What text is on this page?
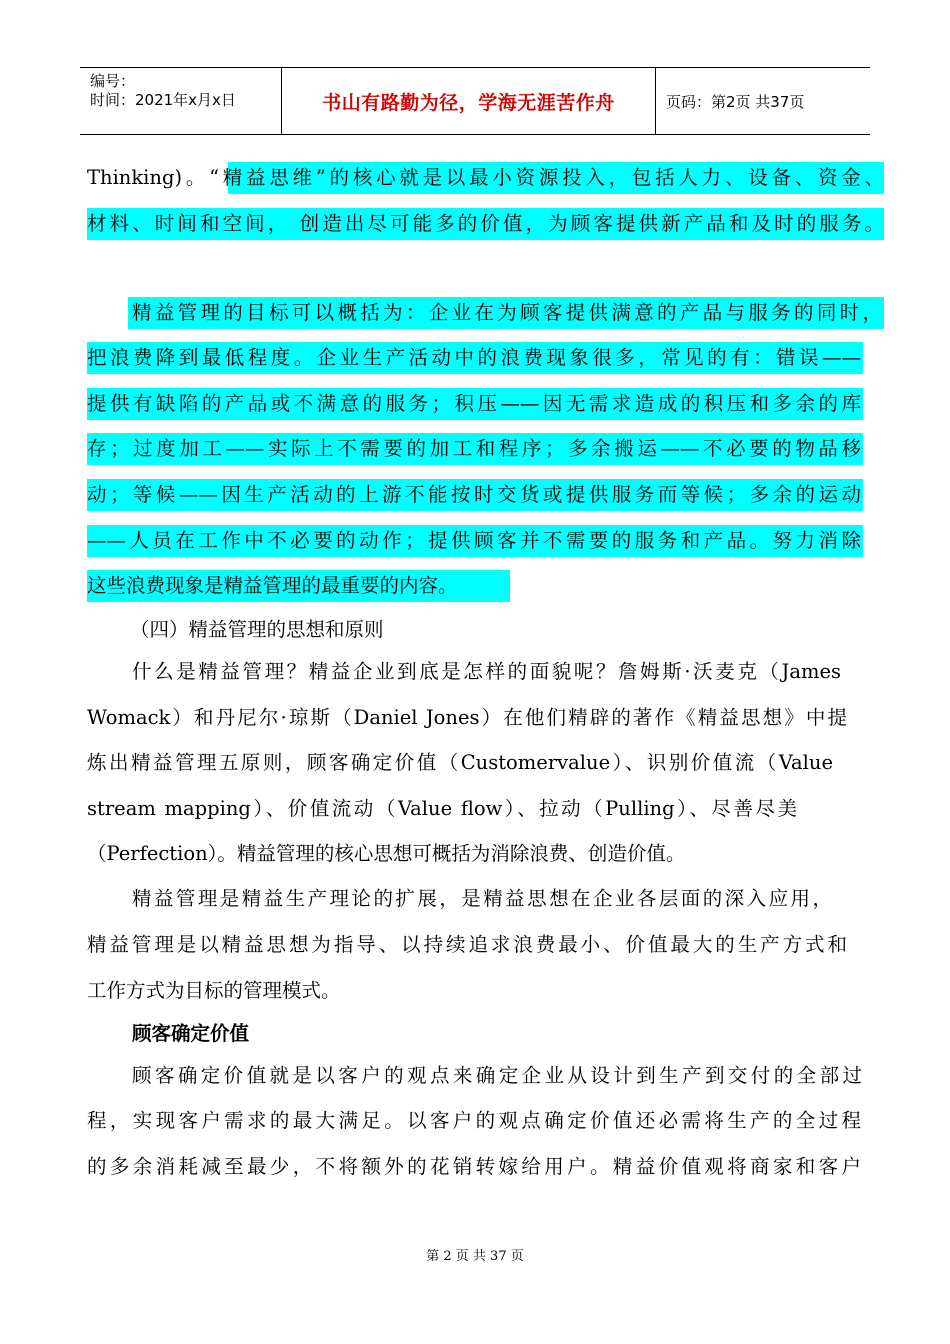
编号：
时间：2021年x月x日	书山有路勤为径，学海无涯苦作舟	页码：第2页 共37页
Thinking)。“精益思维”的核心就是以最小资源投入，包括人力、设备、资金、
材料、时间和空间， 创造出尽可能多的价值，为顾客提供新产品和及时的服务。
精益管理的目标可以概括为：企业在为顾客提供满意的产品与服务的同时，
把浪费降到最低程度。企业生产活动中的浪费现象很多，常见的有：错误——
提供有缺陷的产品或不满意的服务；积压——因无需求造成的积压和多余的库
存；过度加工——实际上不需要的加工和程序；多余搬运——不必要的物品移
动；等候——因生产活动的上游不能按时交货或提供服务而等候；多余的运动
——人员在工作中不必要的动作；提供顾客并不需要的服务和产品。努力消除
这些浪费现象是精益管理的最重要的内容。
（四）精益管理的思想和原则
什么是精益管理？精益企业到底是怎样的面貌呢？詹姆斯·沃麦克（James
Womack）和丹尼尔·琼斯（Daniel Jones）在他们精辟的著作《精益思想》中提
炼出精益管理五原则，顾客确定价值（Customervalue）、识别价值流（Value
stream mapping）、价值流动（Value flow）、拉动（Pulling）、尽善尽美
（Perfection）。精益管理的核心思想可概括为消除浪费、创造价值。
精益管理是精益生产理论的扩展，是精益思想在企业各层面的深入应用，
精益管理是以精益思想为指导、以持续追求浪费最小、价值最大的生产方式和
工作方式为目标的管理模式。
顾客确定价值
顾客确定价值就是以客户的观点来确定企业从设计到生产到交付的全部过
程，实现客户需求的最大满足。以客户的观点确定价值还必需将生产的全过程
的多余消耗减至最少，不将额外的花销转嫁给用户。精益价值观将商家和客户
第 2 页 共 37 页
